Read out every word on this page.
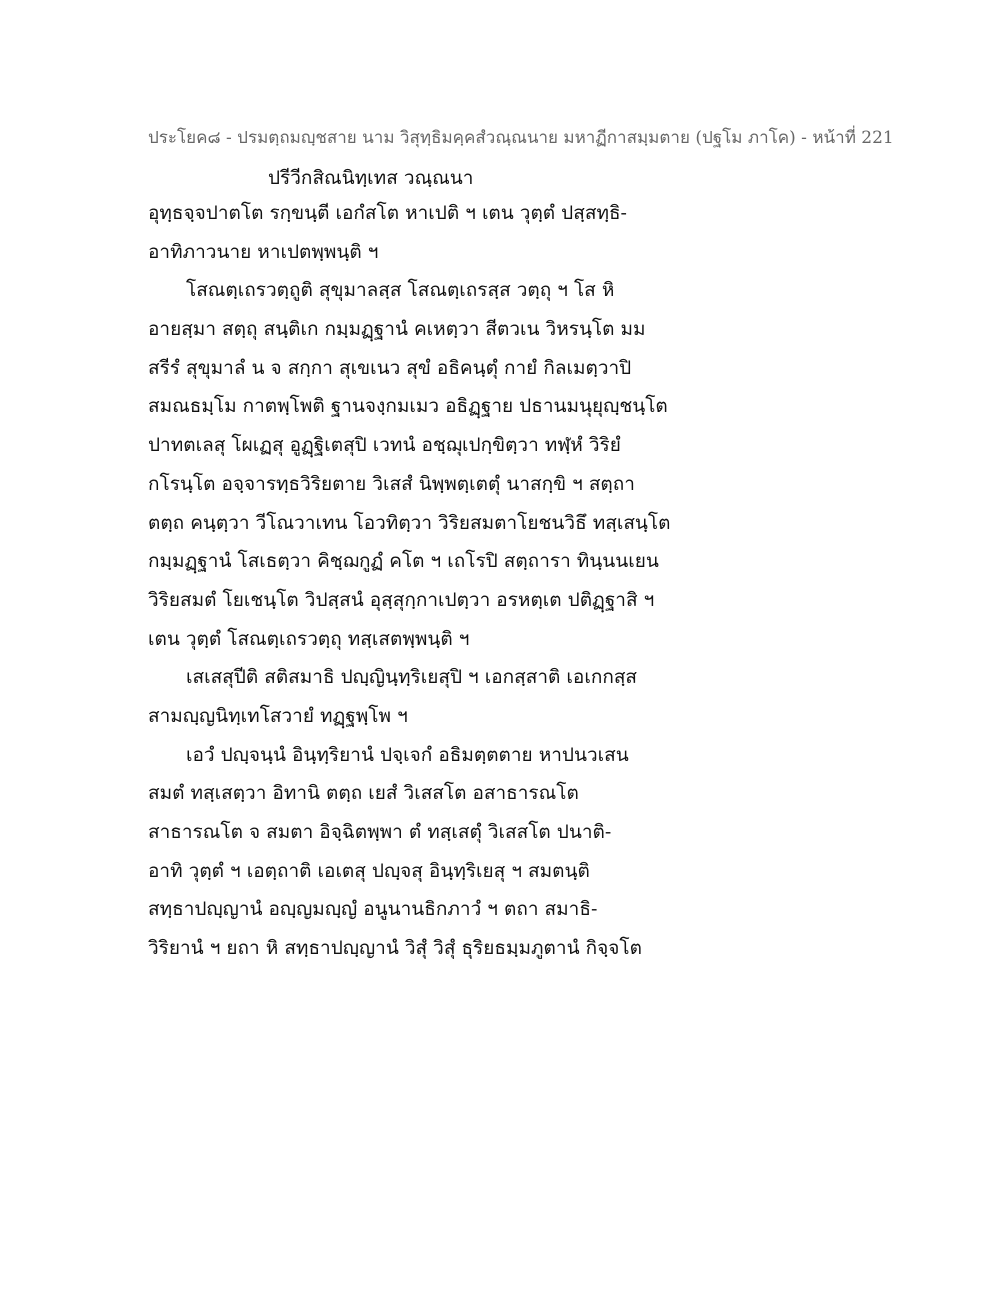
ประโยค๘ - ปรมตฺถมญฺชสาย นาม วิสุทฺธิมคฺคสํวณฺณนาย มหาฏีกาสมฺมตาย (ปฐโม ภาโค) - หน้าที่ 221
ปรีวีกสิณนิทฺเทส วณฺณนา
อุทฺธจฺจปาตโต รกฺขนฺตี เอกํสโต หาเปติ ฯ เตน วุตฺตํ ปสฺสทฺธิ-
อาทิภาวนาย หาเปตพฺพนฺติ ฯ
โสณตฺเถรวตฺถูติ สุขุมาลสฺส โสณตฺเถรสฺส วตฺถุ ฯ โส หิ
อายสฺมา สตฺถุ สนฺติเก กมฺมฏฺฐานํ คเหตฺวา สีตวเน วิหรนฺโต มม
สรีรํ สุขุมาลํ น จ สกฺกา สุเขเนว สุขํ อธิคนฺตุํ กายํ กิลเมตฺวาปิ
สมณธมฺโม กาตพฺโพติ ฐานจงฺกมเมว อธิฏฺฐาย ปธานมนุยุญฺชนฺโต
ปาทตเลสุ โผเฏสุ อูฏฺฐิเตสุปิ เวทนํ อชฺฌุเปกฺขิตฺวา ทฬฺหํ วิริยํ
กโรนฺโต อจฺจารทฺธวิริยตาย วิเสสํ นิพฺพตฺเตตุํ นาสกฺขิ ฯ สตฺถา
ตตฺถ คนฺตฺวา วีโณวาเทน โอวทิตฺวา วิริยสมตาโยชนวิธึ ทสฺเสนฺโต
กมฺมฏฺฐานํ โสเธตฺวา คิชฺฌกูฏํ คโต ฯ เถโรปิ สตฺถารา ทินฺนนเยน
วิริยสมตํ โยเชนฺโต วิปสฺสนํ อุสฺสุกฺกาเปตฺวา อรหตฺเต ปติฏฺฐาสิ ฯ
เตน วุตฺตํ โสณตฺเถรวตฺถุ ทสฺเสตพฺพนฺติ ฯ
เสเสสุปีติ สติสมาธิ ปญฺญินฺทฺริเยสุปิ ฯ เอกสฺสาติ เอเกกสฺส
สามญฺญนิทฺเทโสวายํ ทฏฺฐพฺโพ ฯ
เอวํ ปญฺจนฺนํ อินฺทฺริยานํ ปจฺเจกํ อธิมตฺตตาย หาปนวเสน
สมตํ ทสฺเสตฺวา อิทานิ ตตฺถ เยสํ วิเสสโต อสาธารณโต
สาธารณโต จ สมตา อิจฺฉิตพฺพา ตํ ทสฺเสตุํ วิเสสโต ปนาติ-
อาทิ วุตฺตํ ฯ เอตฺถาติ เอเตสุ ปญฺจสุ อินฺทฺริเยสุ ฯ สมตนฺติ
สทฺธาปญฺญานํ อญฺญมญฺญํ อนูนานธิกภาวํ ฯ ตถา สมาธิ-
วิริยานํ ฯ ยถา หิ สทฺธาปญฺญานํ วิสุํ วิสุํ ธุริยธมฺมภูตานํ กิจฺจโต
